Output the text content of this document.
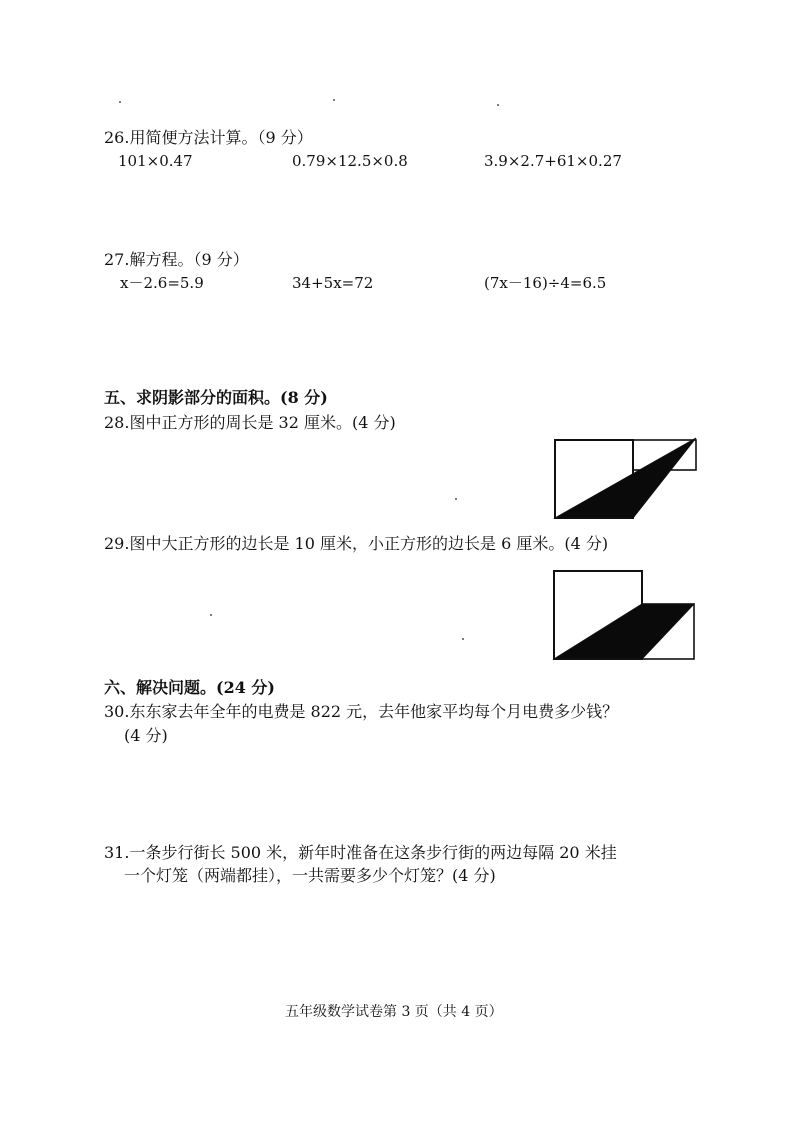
26.用简便方法计算。（9 分）
101×0.47	0.79×12.5×0.8	3.9×2.7+61×0.27
27.解方程。（9 分）
x－2.6=5.9	34+5x=72	(7x－16)÷4=6.5
五、求阴影部分的面积。(8 分)
28.图中正方形的周长是 32 厘米。(4 分)
29.图中大正方形的边长是 10 厘米，小正方形的边长是 6 厘米。(4 分)
六、解决问题。(24 分)
30.东东家去年全年的电费是 822 元，去年他家平均每个月电费多少钱？
(4 分)
31.一条步行街长 500 米，新年时准备在这条步行街的两边每隔 20 米挂
一个灯笼（两端都挂），一共需要多少个灯笼？(4 分)
五年级数学试卷第 3 页（共 4 页）
